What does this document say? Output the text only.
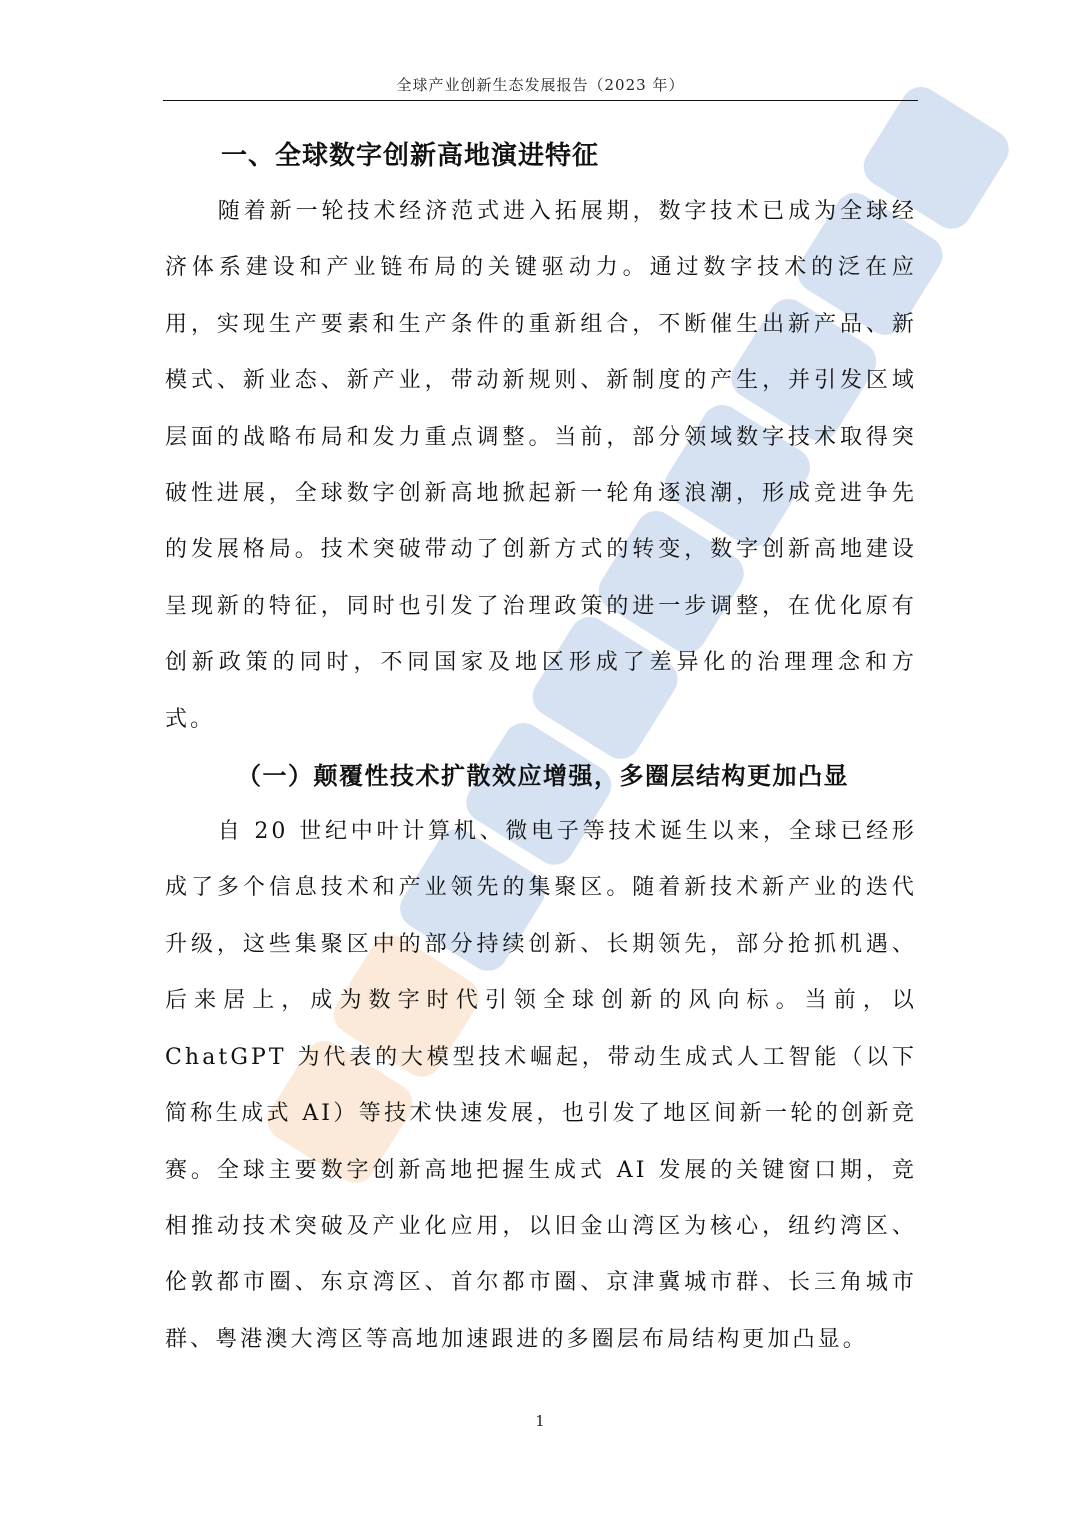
全球产业创新生态发展报告（2023 年）
一、全球数字创新高地演进特征

随着新一轮技术经济范式进入拓展期，数字技术已成为全球经济体系建设和产业链布局的关键驱动力。通过数字技术的泛在应用，实现生产要素和生产条件的重新组合，不断催生出新产品、新模式、新业态、新产业，带动新规则、新制度的产生，并引发区域层面的战略布局和发力重点调整。当前，部分领域数字技术取得突破性进展，全球数字创新高地掀起新一轮角逐浪潮，形成竞进争先的发展格局。技术突破带动了创新方式的转变，数字创新高地建设呈现新的特征，同时也引发了治理政策的进一步调整，在优化原有创新政策的同时，不同国家及地区形成了差异化的治理理念和方式。

（一）颠覆性技术扩散效应增强，多圈层结构更加凸显

自 20 世纪中叶计算机、微电子等技术诞生以来，全球已经形成了多个信息技术和产业领先的集聚区。随着新技术新产业的迭代升级，这些集聚区中的部分持续创新、长期领先，部分抢抓机遇、后来居上，成为数字时代引领全球创新的风向标。当前，以 ChatGPT 为代表的大模型技术崛起，带动生成式人工智能（以下简称生成式 AI）等技术快速发展，也引发了地区间新一轮的创新竞赛。全球主要数字创新高地把握生成式 AI 发展的关键窗口期，竞相推动技术突破及产业化应用，以旧金山湾区为核心，纽约湾区、伦敦都市圈、东京湾区、首尔都市圈、京津冀城市群、长三角城市群、粤港澳大湾区等高地加速跟进的多圈层布局结构更加凸显。

1
